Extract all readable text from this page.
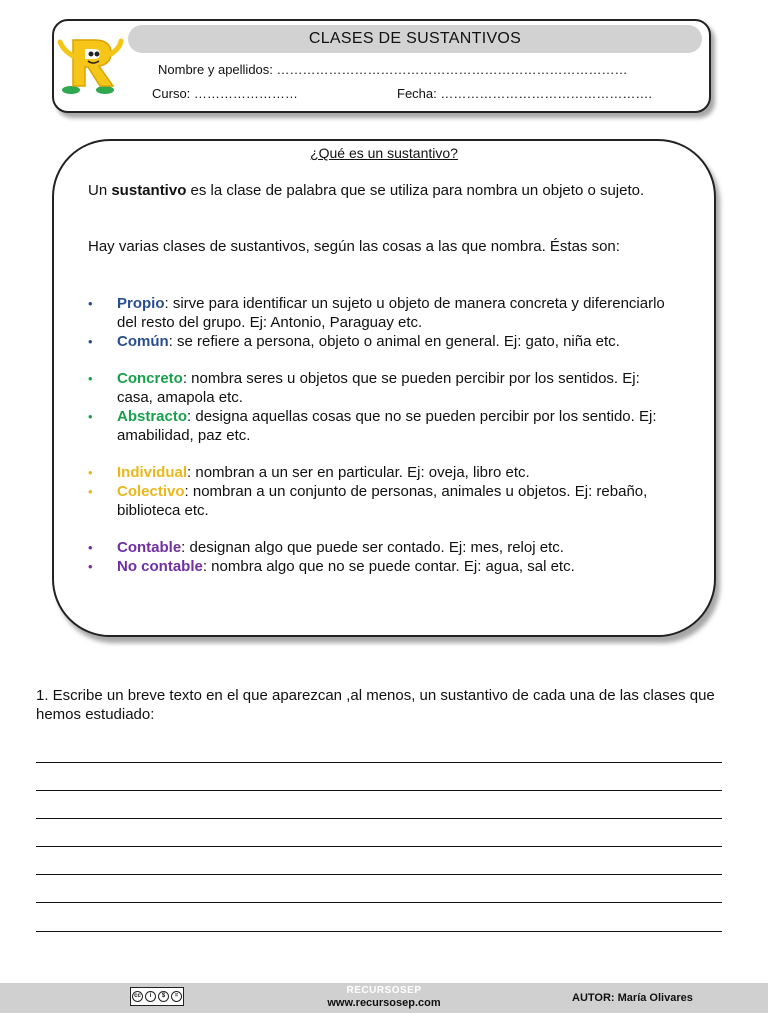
CLASES DE SUSTANTIVOS
Nombre y apellidos: ………………………………………………………………………
Curso: ……………………	Fecha: ………………………………………….
¿Qué es un sustantivo?
Un sustantivo es la clase de palabra que se utiliza para nombra un objeto o sujeto.
Hay varias clases de sustantivos, según las cosas a las que nombra. Éstas son:
• Propio: sirve para identificar un sujeto u objeto de manera concreta y diferenciarlo del resto del grupo. Ej: Antonio, Paraguay etc.
• Común: se refiere a persona, objeto o animal en general. Ej: gato, niña etc.
• Concreto: nombra seres u objetos que se pueden percibir por los sentidos. Ej: casa, amapola etc.
• Abstracto: designa aquellas cosas que no se pueden percibir por los sentido. Ej: amabilidad, paz etc.
• Individual: nombran a un ser en particular. Ej: oveja, libro etc.
• Colectivo: nombran a un conjunto de personas, animales u objetos. Ej: rebaño, biblioteca etc.
• Contable: designan algo que puede ser contado. Ej: mes, reloj etc.
• No contable: nombra algo que no se puede contar. Ej: agua, sal etc.
1. Escribe un breve texto en el que aparezcan ,al menos, un sustantivo de cada una de las clases que hemos estudiado:
cc	i	$	=	RECURSOSEP
www.recursosep.com	AUTOR: María Olivares
